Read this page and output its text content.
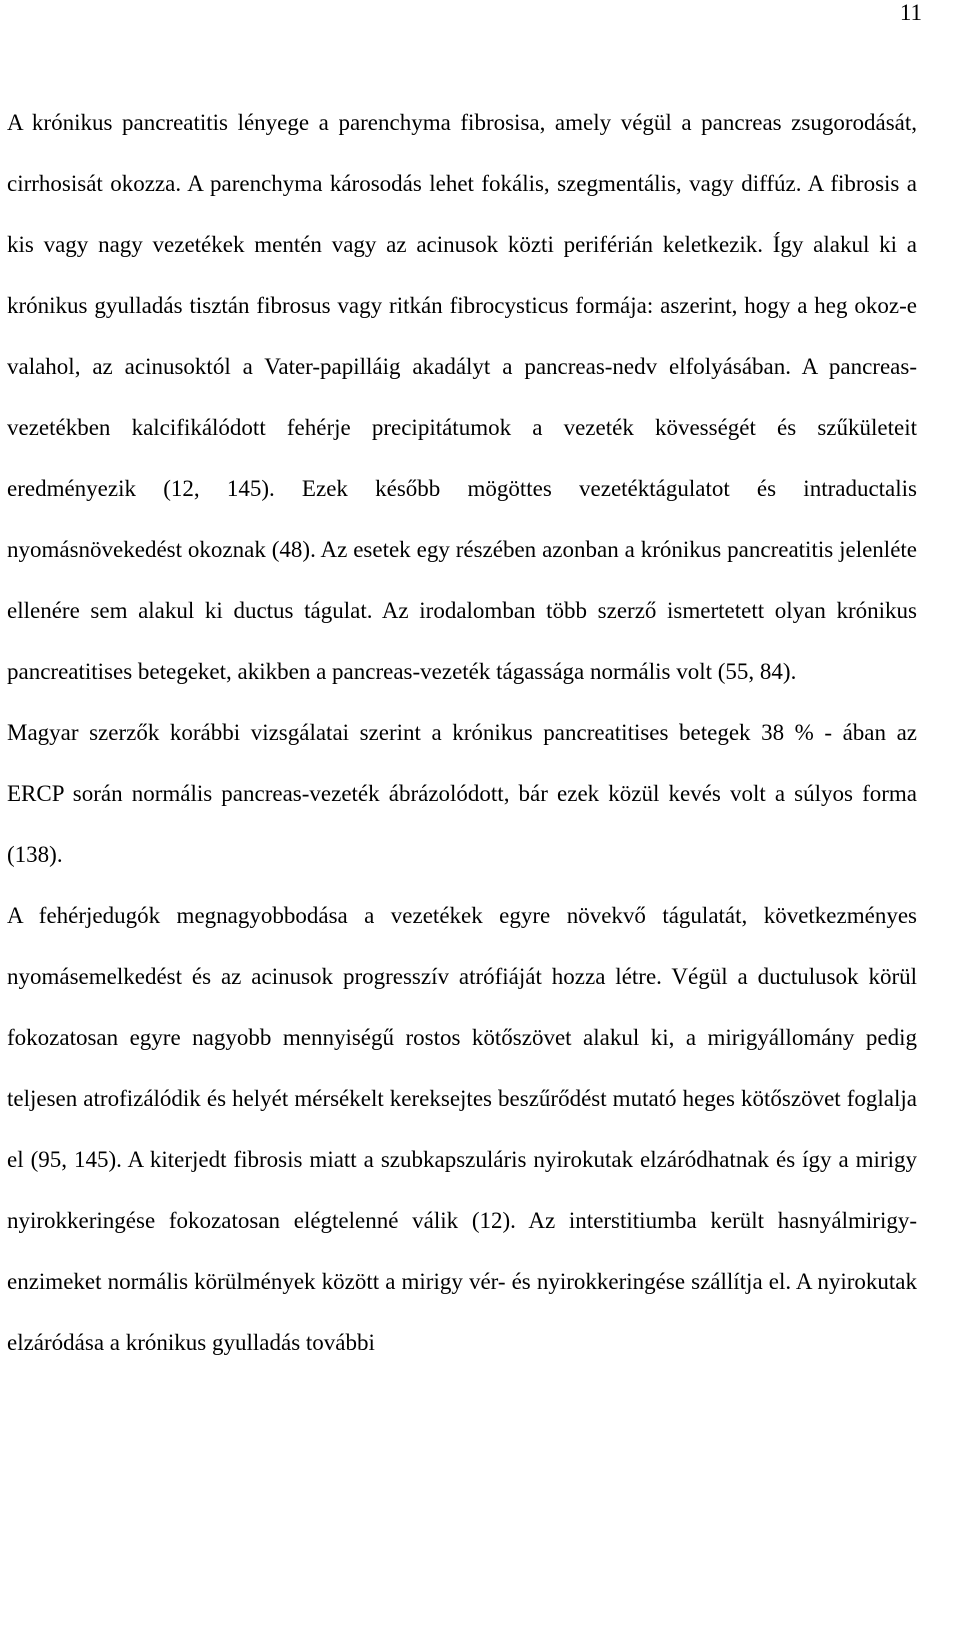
11

A krónikus pancreatitis lényege a parenchyma fibrosisa, amely végül a pancreas zsugorodását, cirrhosisát okozza. A parenchyma károsodás lehet fokális, szegmentális, vagy diffúz. A fibrosis a kis vagy nagy vezetékek mentén vagy az acinusok közti periférián keletkezik. Így alakul ki a krónikus gyulladás tisztán fibrosus vagy ritkán fibrocysticus formája: aszerint, hogy a heg okoz-e valahol, az acinusoktól a Vater-papilláig akadályt a pancreas-nedv elfolyásában. A pancreas-vezetékben kalcifikálódott fehérje precipitátumok a vezeték kövességét és szűkületeit eredményezik (12, 145). Ezek később mögöttes vezetéktágulatot és intraductalis nyomásnövekedést okoznak (48). Az esetek egy részében azonban a krónikus pancreatitis jelenléte ellenére sem alakul ki ductus tágulat. Az irodalomban több szerző ismertetett olyan krónikus pancreatitises betegeket, akikben a pancreas-vezeték tágassága normális volt (55, 84).

Magyar szerzők korábbi vizsgálatai szerint a krónikus pancreatitises betegek 38 % - ában az ERCP során normális pancreas-vezeték ábrázolódott, bár ezek közül kevés volt a súlyos forma (138).

A fehérjedugók megnagyobbodása a vezetékek egyre növekvő tágulatát, következményes nyomásemelkedést és az acinusok progresszív atrófiáját hozza létre. Végül a ductulusok körül fokozatosan egyre nagyobb mennyiségű rostos kötőszövet alakul ki, a mirigyállomány pedig teljesen atrofizálódik és helyét mérsékelt kereksejtes beszűrődést mutató heges kötőszövet foglalja el (95, 145). A kiterjedt fibrosis miatt a szubkapszuláris nyirokutak elzáródhatnak és így a mirigy nyirokkeringése fokozatosan elégtelenné válik (12). Az interstitiumba került hasnyálmirigy-enzimeket normális körülmények között a mirigy vér- és nyirokkeringése szállítja el. A nyirokutak elzáródása a krónikus gyulladás további
